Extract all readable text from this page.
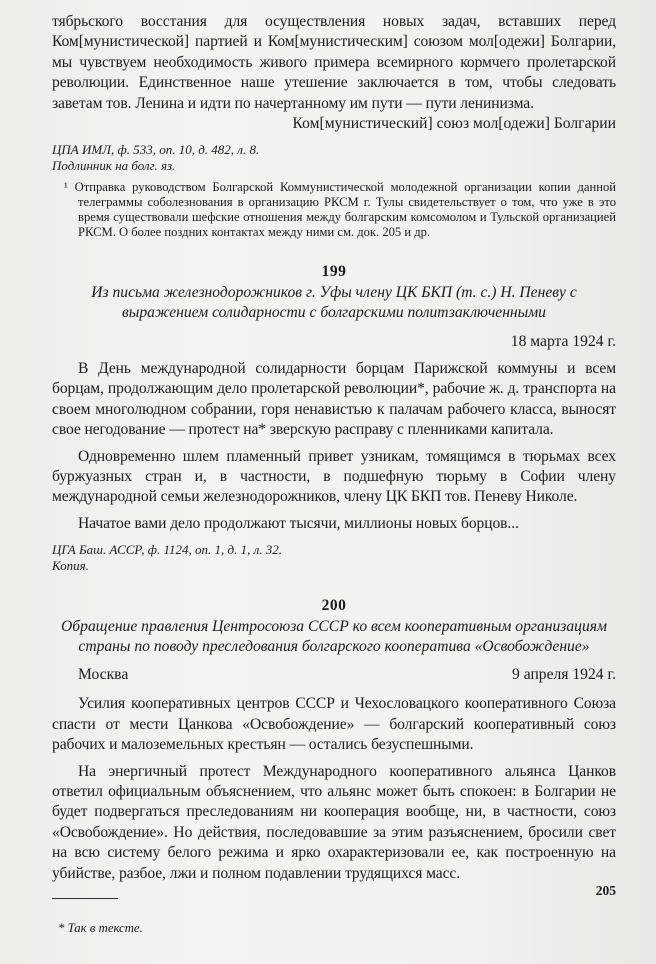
тябрьского восстания для осуществления новых задач, вставших перед Ком[мунистической] партией и Ком[мунистическим] союзом мол[одежи] Болгарии, мы чувствуем необходимость живого примера всемирного кормчего пролетарской революции. Единственное наше утешение заключается в том, чтобы следовать заветам тов. Ленина и идти по начертанному им пути — пути ленинизма.

Ком[мунистический] союз мол[одежи] Болгарии

ЦПА ИМЛ, ф. 533, оп. 10, д. 482, л. 8.
Подлинник на болг. яз.
¹ Отправка руководством Болгарской Коммунистической молодежной организации копии данной телеграммы соболезнования в организацию РКСМ г. Тулы свидетельствует о том, что уже в это время существовали шефские отношения между болгарским комсомолом и Тульской организацией РКСМ. О более поздних контактах между ними см. док. 205 и др.
199
Из письма железнодорожников г. Уфы члену ЦК БКП (т. с.) Н. Пеневу с выражением солидарности с болгарскими политзаключенными
18 марта 1924 г.

В День международной солидарности борцам Парижской коммуны и всем борцам, продолжающим дело пролетарской революции*, рабочие ж. д. транспорта на своем многолюдном собрании, горя ненавистью к палачам рабочего класса, выносят свое негодование — протест на* зверскую расправу с пленниками капитала.

Одновременно шлем пламенный привет узникам, томящимся в тюрьмах всех буржуазных стран и, в частности, в подшефную тюрьму в Софии члену международной семьи железнодорожников, члену ЦК БКП тов. Пеневу Николе.

Начатое вами дело продолжают тысячи, миллионы новых борцов...

ЦГА Баш. АССР, ф. 1124, оп. 1, д. 1, л. 32.
Копия.
200
Обращение правления Центросоюза СССР ко всем кооперативным организациям страны по поводу преследования болгарского кооператива «Освобождение»
Москва	9 апреля 1924 г.

Усилия кооперативных центров СССР и Чехословацкого кооперативного Союза спасти от мести Цанкова «Освобождение» — болгарский кооперативный союз рабочих и малоземельных крестьян — остались безуспешными.

На энергичный протест Международного кооперативного альянса Цанков ответил официальным объяснением, что альянс может быть спокоен: в Болгарии не будет подвергаться преследованиям ни кооперация вообще, ни, в частности, союз «Освобождение». Но действия, последовавшие за этим разъяснением, бросили свет на всю систему белого режима и ярко охарактеризовали ее, как построенную на убийстве, разбое, лжи и полном подавлении трудящихся масс.

* Так в тексте.
205
